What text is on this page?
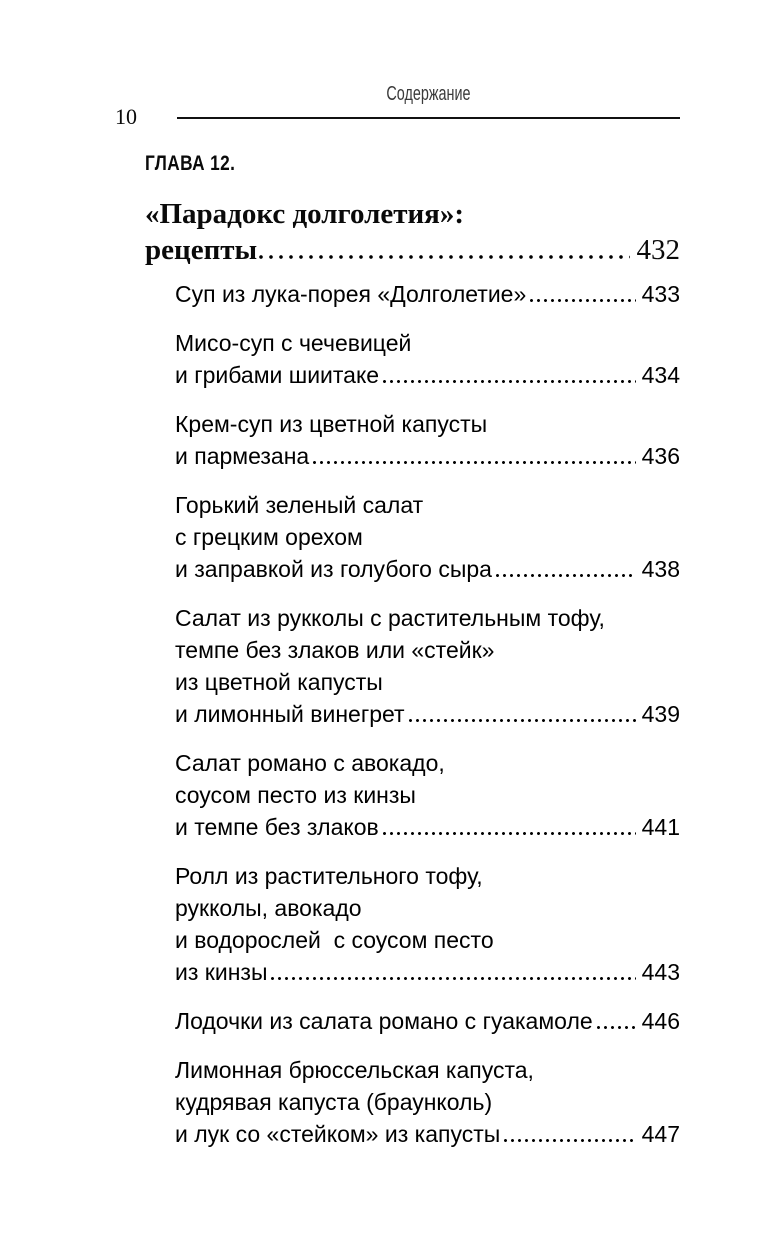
Содержание
10
ГЛАВА 12.
«Парадокс долголетия»:
рецепты	432
Суп из лука-порея «Долголетие»	433
Мисо-суп с чечевицей
и грибами шиитаке	434
Крем-суп из цветной капусты
и пармезана	436
Горький зеленый салат
с грецким орехом
и заправкой из голубого сыра	438
Салат из рукколы с растительным тофу,
темпе без злаков или «стейк»
из цветной капусты
и лимонный винегрет	439
Салат романо с авокадо,
соусом песто из кинзы
и темпе без злаков	441
Ролл из растительного тофу,
рукколы, авокадо
и водорослей  с соусом песто
из кинзы	443
Лодочки из салата романо с гуакамоле 446
Лимонная брюссельская капуста,
кудрявая капуста (браунколь)
и лук со «стейком» из капусты	447
